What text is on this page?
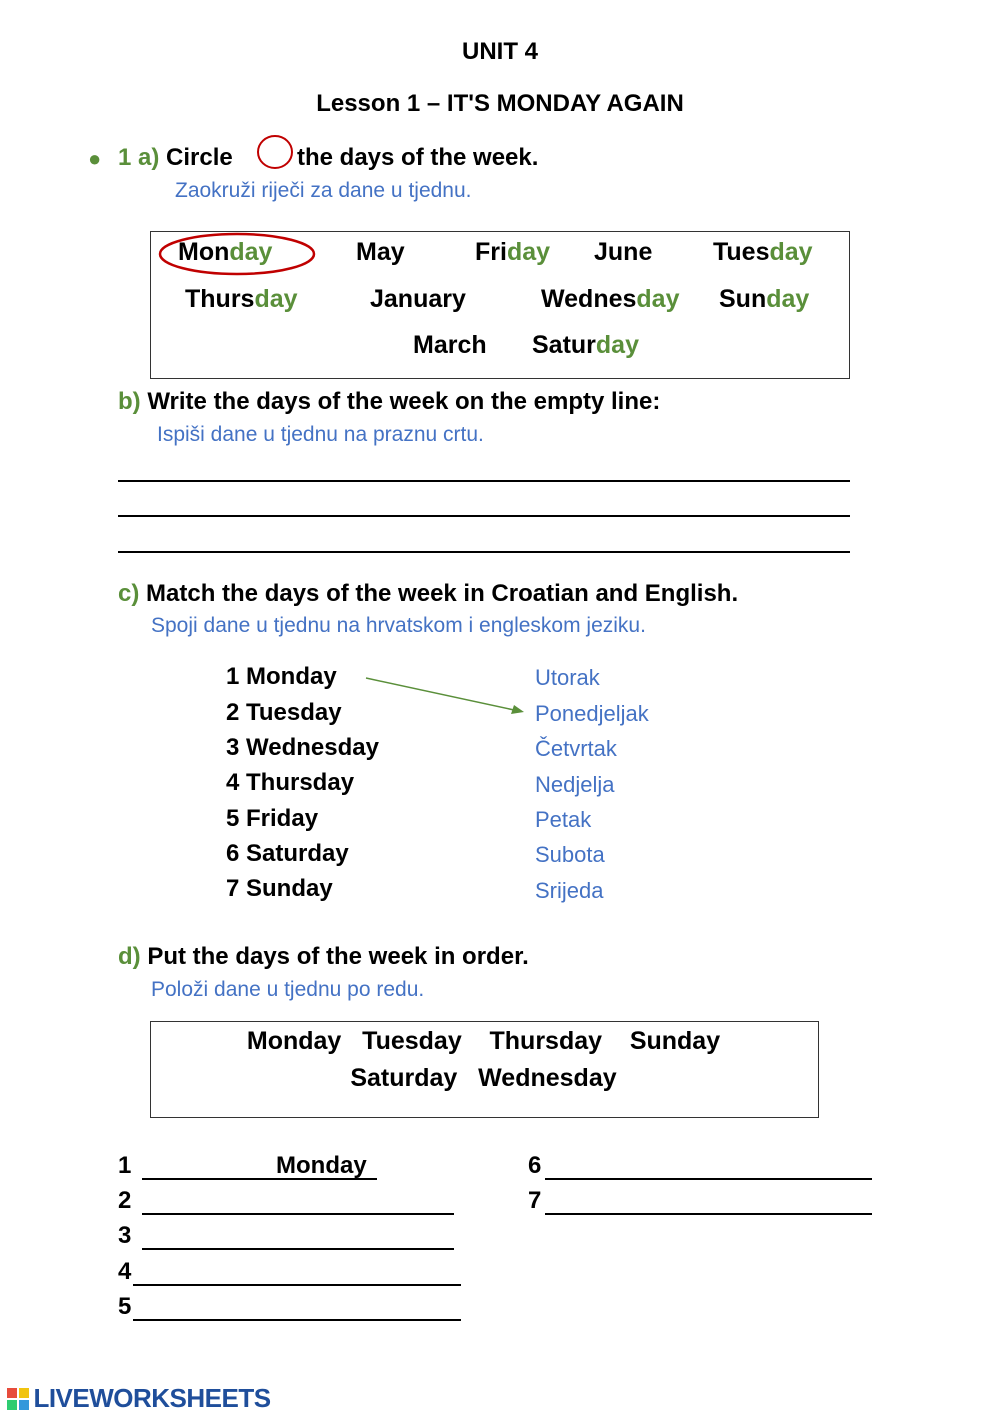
UNIT 4
Lesson 1 – IT'S MONDAY AGAIN
● 1 a) Circle	the days of the week.
Zaokruži riječi za dane u tjednu.
Monday	May	Friday June Tuesday
Thursday	January	Wednesday Sunday
March Saturday
b) Write the days of the week on the empty line:
Ispiši dane u tjednu na praznu crtu.
c) Match the days of the week in Croatian and English.
Spoji dane u tjednu na hrvatskom i engleskom jeziku.
1 Monday
2 Tuesday
3 Wednesday
4 Thursday
5 Friday
6 Saturday
7 Sunday
Utorak
Ponedjeljak
Četvrtak
Nedjelja
Petak
Subota
Srijeda
d) Put the days of the week in order.
Položi dane u tjednu po redu.
Monday   Tuesday    Thursday    Sunday
Saturday   Wednesday
1	Monday
2
3
4
5
6
7
LIVEWORKSHEETS
